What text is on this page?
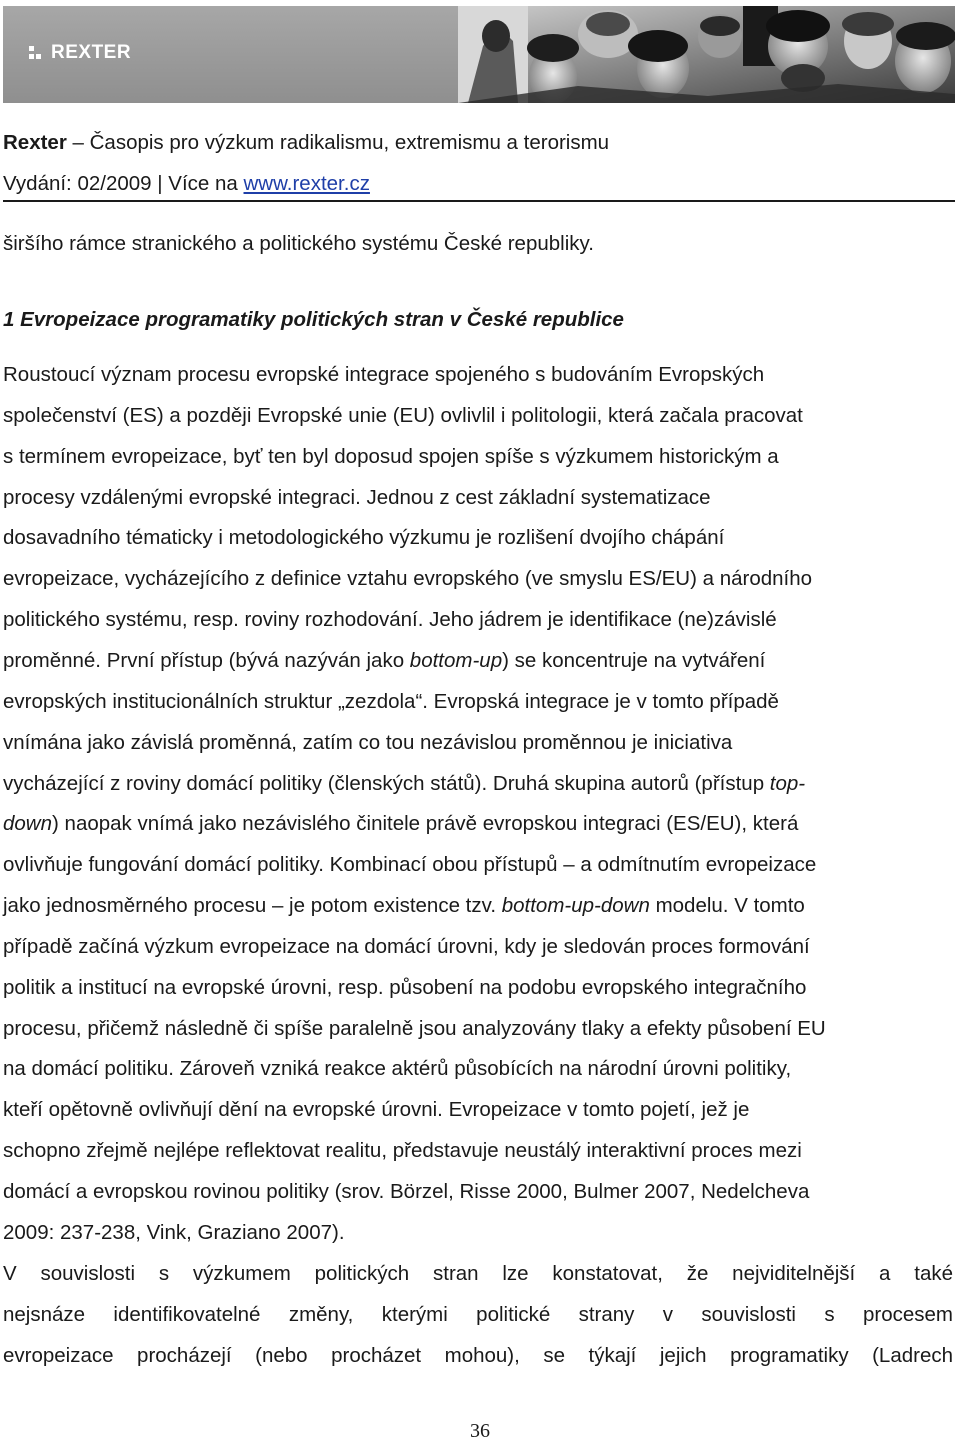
REXTER
Rexter – Časopis pro výzkum radikalismu, extremismu a terorismu
Vydání: 02/2009 | Více na www.rexter.cz
širšího rámce stranického a politického systému České republiky.
1 Evropeizace programatiky politických stran v České republice
Roustoucí význam procesu evropské integrace spojeného s budováním Evropských
společenství (ES) a později Evropské unie (EU) ovlivlil i politologii, která začala pracovat
s termínem evropeizace, byť ten byl doposud spojen spíše s výzkumem historickým a
procesy vzdálenými evropské integraci. Jednou z cest základní systematizace
dosavadního tématicky i metodologického výzkumu je rozlišení dvojího chápání
evropeizace, vycházejícího z definice vztahu evropského (ve smyslu ES/EU) a národního
politického systému, resp. roviny rozhodování. Jeho jádrem je identifikace (ne)závislé
proměnné. První přístup (bývá nazýván jako bottom-up) se koncentruje na vytváření
evropských institucionálních struktur „zezdola“. Evropská integrace je v tomto případě
vnímána jako závislá proměnná, zatím co tou nezávislou proměnnou je iniciativa
vycházející z roviny domácí politiky (členských států). Druhá skupina autorů (přístup top-
down) naopak vnímá jako nezávislého činitele právě evropskou integraci (ES/EU), která
ovlivňuje fungování domácí politiky. Kombinací obou přístupů – a odmítnutím evropeizace
jako jednosměrného procesu – je potom existence tzv. bottom-up-down modelu. V tomto
případě začíná výzkum evropeizace na domácí úrovni, kdy je sledován proces formování
politik a institucí na evropské úrovni, resp. působení na podobu evropského integračního
procesu, přičemž následně či spíše paralelně jsou analyzovány tlaky a efekty působení EU
na domácí politiku. Zároveň vzniká reakce aktérů působících na národní úrovni politiky,
kteří opětovně ovlivňují dění na evropské úrovni. Evropeizace v tomto pojetí, jež je
schopno zřejmě nejlépe reflektovat realitu, představuje neustálý interaktivní proces mezi
domácí a evropskou rovinou politiky (srov. Börzel, Risse 2000, Bulmer 2007, Nedelcheva
2009: 237-238, Vink, Graziano 2007).
V souvislosti s výzkumem politických stran lze konstatovat, že nejviditelnější a také
nejsnáze identifikovatelné změny, kterými politické strany v souvislosti s procesem
evropeizace procházejí (nebo procházet mohou), se týkají jejich programatiky (Ladrech
36
